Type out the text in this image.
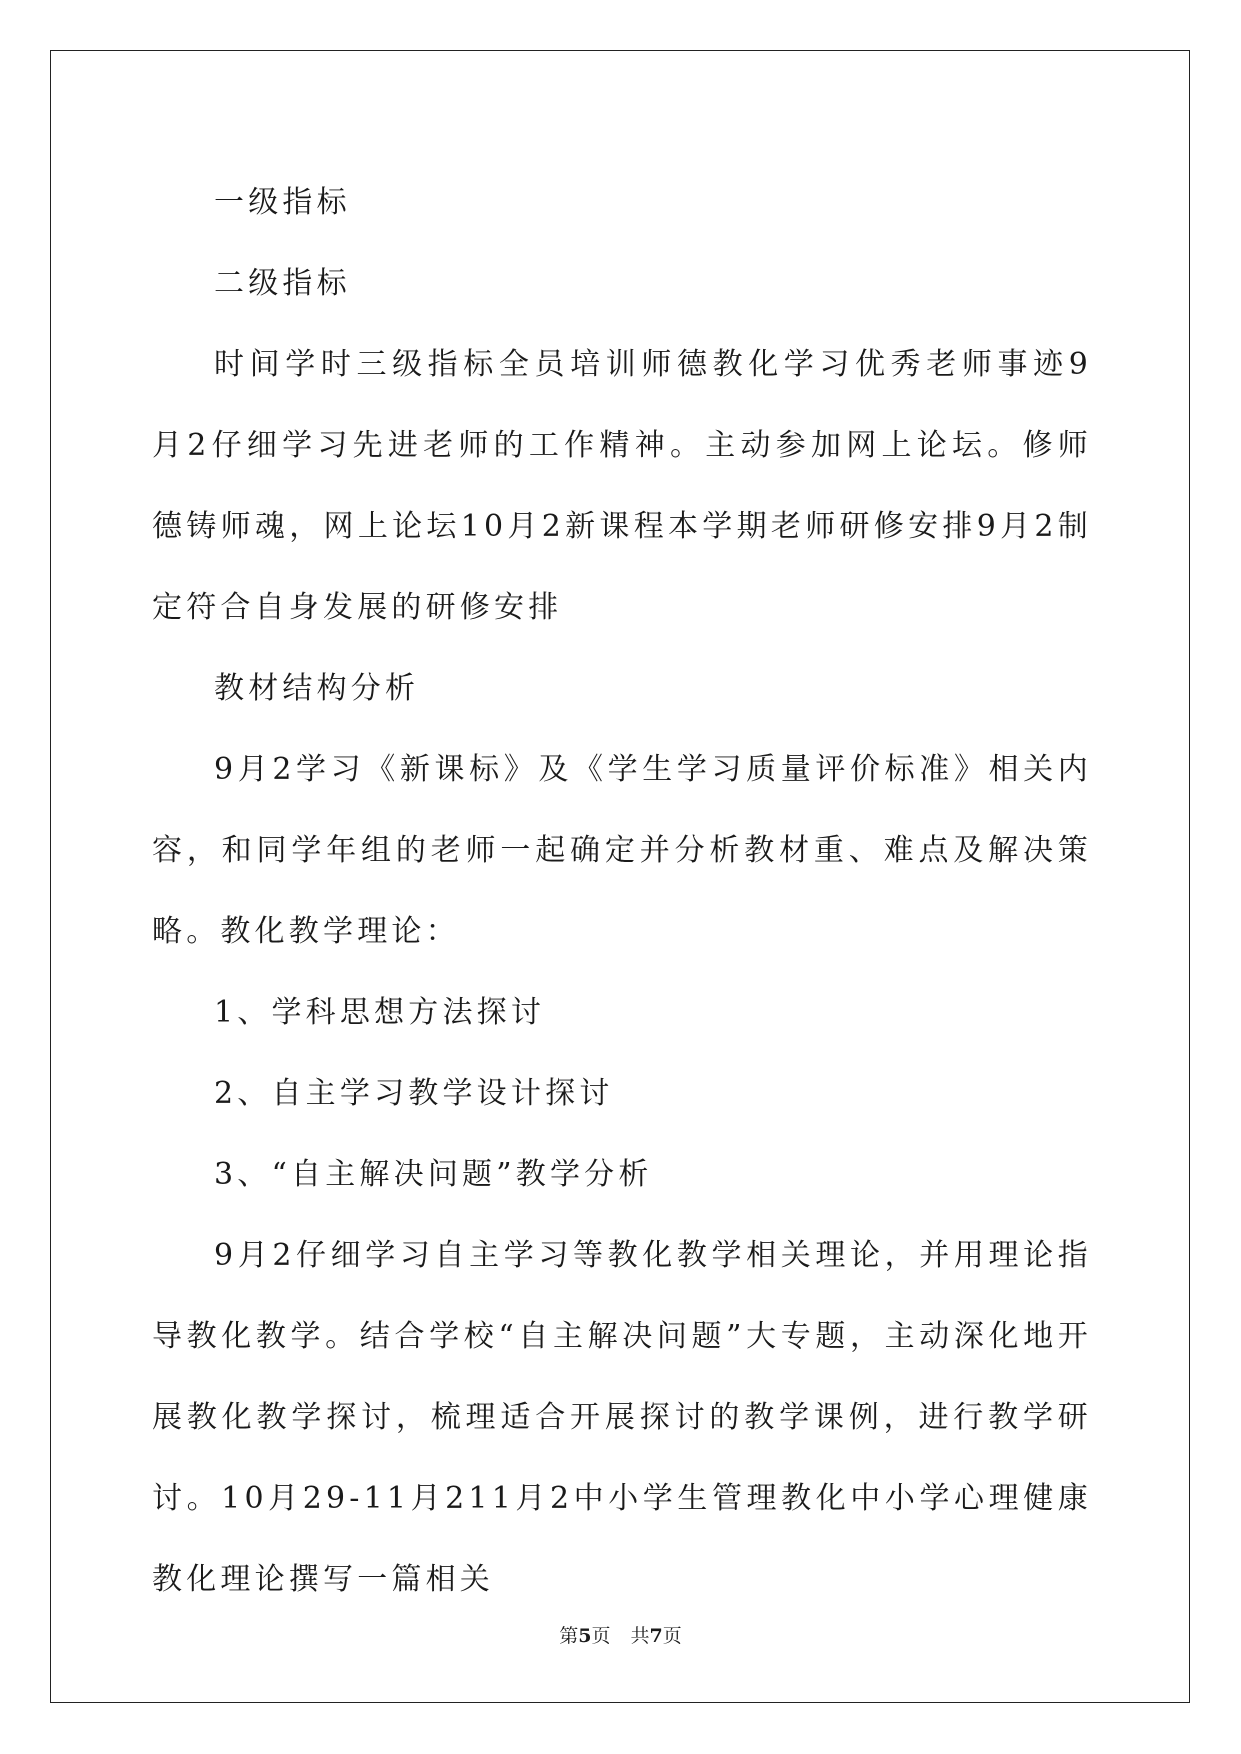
一级指标

二级指标

时间学时三级指标全员培训师德教化学习优秀老师事迹9月2仔细学习先进老师的工作精神。主动参加网上论坛。修师德铸师魂，网上论坛10月2新课程本学期老师研修安排9月2制定符合自身发展的研修安排

教材结构分析

9月2学习《新课标》及《学生学习质量评价标准》相关内容，和同学年组的老师一起确定并分析教材重、难点及解决策略。教化教学理论：

1、学科思想方法探讨

2、自主学习教学设计探讨

3、“自主解决问题”教学分析

9月2仔细学习自主学习等教化教学相关理论，并用理论指导教化教学。结合学校“自主解决问题”大专题，主动深化地开展教化教学探讨，梳理适合开展探讨的教学课例，进行教学研讨。10月29-11月211月2中小学生管理教化中小学心理健康教化理论撰写一篇相关

第5页 共7页
